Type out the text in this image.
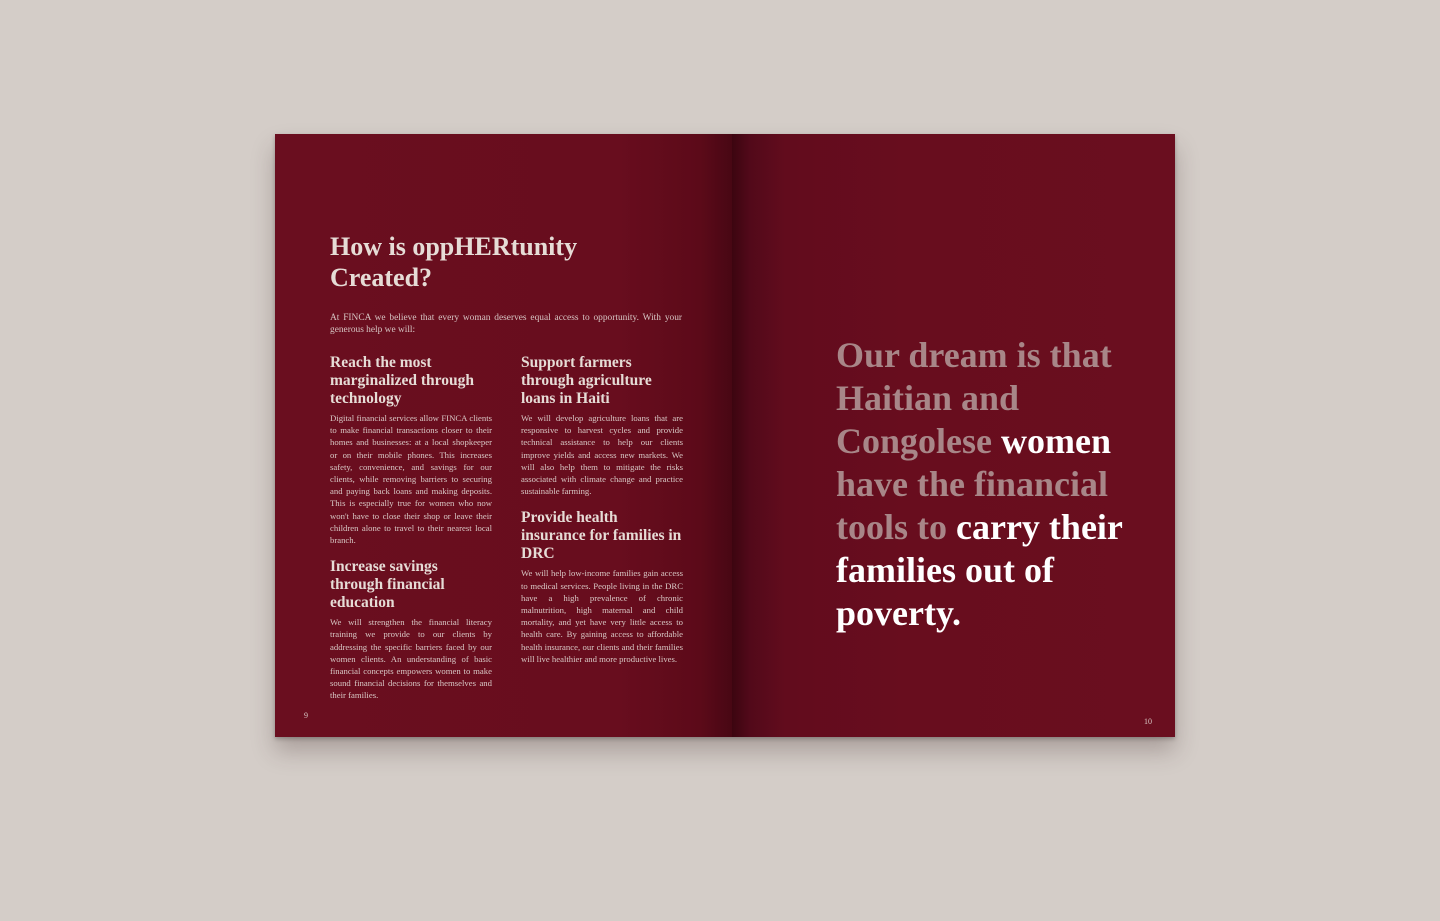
How is oppHERtunity Created?

At FINCA we believe that every woman deserves equal access to opportunity. With your generous help we will:

Reach the most marginalized through technology

Digital financial services allow FINCA clients to make financial transactions closer to their homes and businesses: at a local shopkeeper or on their mobile phones. This increases safety, convenience, and savings for our clients, while removing barriers to securing and paying back loans and making deposits. This is especially true for women who now won't have to close their shop or leave their children alone to travel to their nearest local branch.

Increase savings through financial education

We will strengthen the financial literacy training we provide to our clients by addressing the specific barriers faced by our women clients. An understanding of basic financial concepts empowers women to make sound financial decisions for themselves and their families.

Support farmers through agriculture loans in Haiti

We will develop agriculture loans that are responsive to harvest cycles and provide technical assistance to help our clients improve yields and access new markets. We will also help them to mitigate the risks associated with climate change and practice sustainable farming.

Provide health insurance for families in DRC

We will help low-income families gain access to medical services. People living in the DRC have a high prevalence of chronic malnutrition, high maternal and child mortality, and yet have very little access to health care. By gaining access to affordable health insurance, our clients and their families will live healthier and more productive lives.

9

Our dream is that Haitian and Congolese women have the financial tools to carry their families out of poverty.

10
